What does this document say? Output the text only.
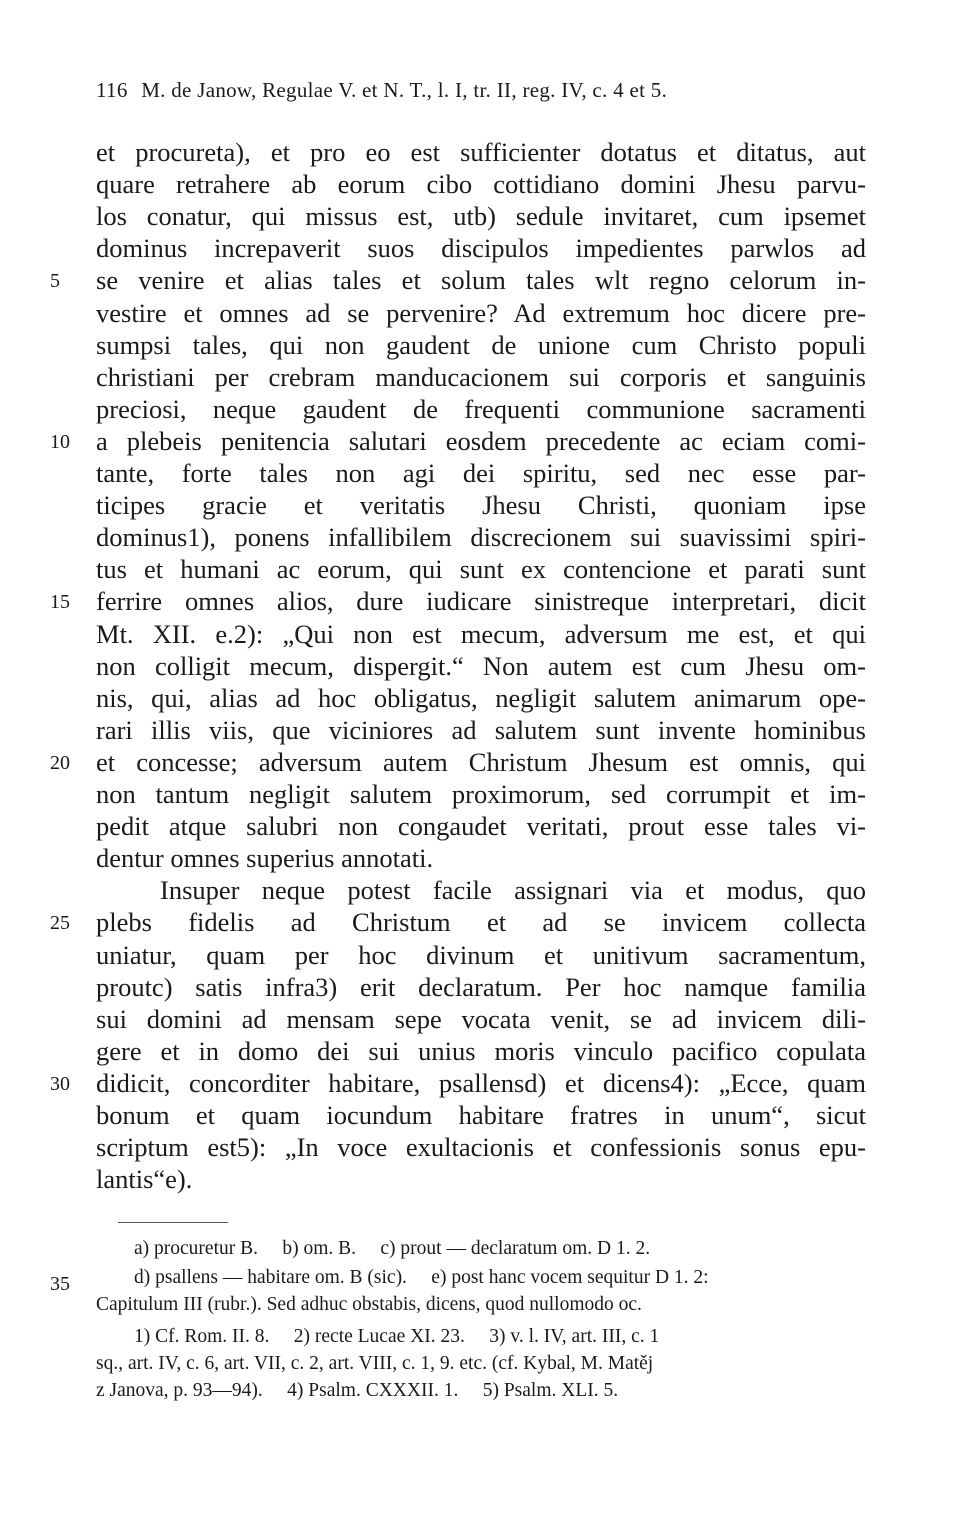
116 M. de Janow, Regulae V. et N. T., l. I, tr. II, reg. IV, c. 4 et 5.
et procureta), et pro eo est sufficienter dotatus et ditatus, aut
quare retrahere ab eorum cibo cottidiano domini Jhesu parvu-
los conatur, qui missus est, utb) sedule invitaret, cum ipsemet
dominus increpaverit suos discipulos impedientes parwlos ad
5	se venire et alias tales et solum tales wlt regno celorum in-
vestire et omnes ad se pervenire? Ad extremum hoc dicere pre-
sumpsi tales, qui non gaudent de unione cum Christo populi
christiani per crebram manducacionem sui corporis et sanguinis
preciosi, neque gaudent de frequenti communione sacramenti
10 a plebeis penitencia salutari eosdem precedente ac eciam comi-
tante, forte tales non agi dei spiritu, sed nec esse par-
ticipes gracie et veritatis Jhesu Christi, quoniam ipse
dominus1), ponens infallibilem discrecionem sui suavissimi spiri-
tus et humani ac eorum, qui sunt ex contencione et parati sunt
15 ferrire omnes alios, dure iudicare sinistreque interpretari, dicit
Mt. XII. e.2): „Qui non est mecum, adversum me est, et qui
non colligit mecum, dispergit.“ Non autem est cum Jhesu om-
nis, qui, alias ad hoc obligatus, negligit salutem animarum ope-
rari illis viis, que viciniores ad salutem sunt invente hominibus
20 et concesse; adversum autem Christum Jhesum est omnis, qui
non tantum negligit salutem proximorum, sed corrumpit et im-
pedit atque salubri non congaudet veritati, prout esse tales vi-
dentur omnes superius annotati.
Insuper neque potest facile assignari via et modus, quo
25 plebs fidelis ad Christum et ad se invicem collecta
uniatur, quam per hoc divinum et unitivum sacramentum,
proutc) satis infra3) erit declaratum. Per hoc namque familia
sui domini ad mensam sepe vocata venit, se ad invicem dili-
gere et in domo dei sui unius moris vinculo pacifico copulata
30 didicit, concorditer habitare, psallensd) et dicens4): „Ecce, quam
bonum et quam iocundum habitare fratres in unum“, sicut
scriptum est5): „In voce exultacionis et confessionis sonus epu-
lantis“e).
a) procuretur B.     b) om. B.     c) prout — declaratum om. D 1. 2.
35	d) psallens — habitare om. B (sic).     e) post hanc vocem sequitur D 1. 2:
Capitulum III (rubr.). Sed adhuc obstabis, dicens, quod nullomodo oc.
1) Cf. Rom. II. 8.     2) recte Lucae XI. 23.     3) v. l. IV, art. III, c. 1
sq., art. IV, c. 6, art. VII, c. 2, art. VIII, c. 1, 9. etc. (cf. Kybal, M. Matěj
z Janova, p. 93—94).     4) Psalm. CXXXII. 1.     5) Psalm. XLI. 5.
